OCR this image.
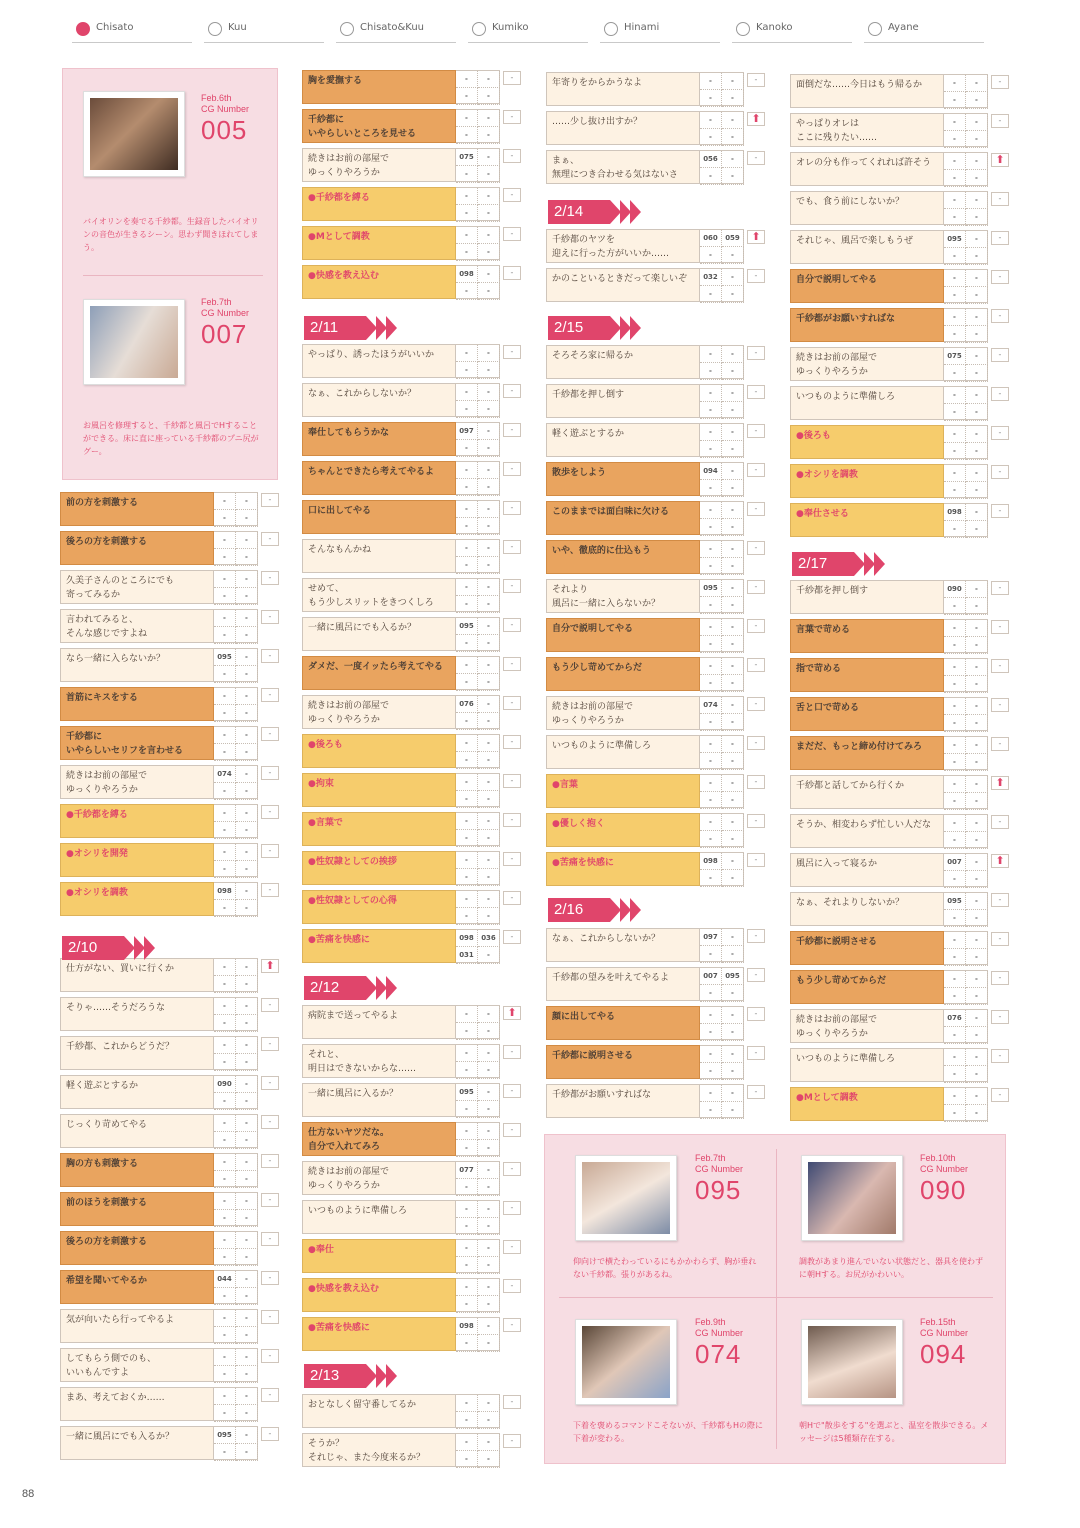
Chisato	Kuu	Chisato&Kuu	Kumiko	Hinami	Kanoko	Ayane
Feb.6th
CG Number
005
バイオリンを奏でる千紗都。生録音したバイオリンの音色が生きるシーン。思わず聞きほれてしまう。
Feb.7th
CG Number
007
お風呂を修理すると、千紗都と風呂でHすることができる。床に直に座っている千紗都のプニ尻がグー。
Feb.7th
CG Number
095
仰向けで横たわっているにもかかわらず、胸が垂れない千紗都。張りがあるね。
Feb.10th
CG Number
090
調教があまり進んでいない状態だと、器具を使わずに朝Hする。お尻がかわいい。
Feb.9th
CG Number
074
下着を褒めるコマンドこそないが、千紗都もHの際に下着が変わる。
Feb.15th
CG Number
094
朝Hで"散歩をする"を選ぶと、温室を散歩できる。メッセージは5種類存在する。
前の方を刺激する	-	-
-	-
-
後ろの方を刺激する	-	-
-	-
-
久美子さんのところにでも
寄ってみるか
-	-
-	-
-
言われてみると、
そんな感じですよね
-	-
-	-
-
なら一緒に入らないか？	095	-
-	-
-
首筋にキスをする	-	-
-	-
-
千紗都に
いやらしいセリフを言わせる
-	-
-	-
-
続きはお前の部屋で
ゆっくりやろうか
074	-
-	-
-
●千紗都を縛る	-	-
-	-
-
●オシリを開発	-	-
-	-
-
●オシリを調教	098	-
-	-
-
仕方がない、買いに行くか	-	-
-	-
⬆
そりゃ……そうだろうな	-	-
-	-
-
千紗都、これからどうだ？	-	-
-	-
-
軽く遊ぶとするか	090	-
-	-
-
じっくり苛めてやる	-	-
-	-
-
胸の方も刺激する	-	-
-	-
-
前のほうを刺激する	-	-
-	-
-
後ろの方を刺激する	-	-
-	-
-
希望を聞いてやるか	044	-
-	-
-
気が向いたら行ってやるよ	-	-
-	-
-
してもらう側でのも、
いいもんですよ
-	-
-	-
-
まあ、考えておくか……	-	-
-	-
-
一緒に風呂にでも入るか？	095	-
-	-
-
2/10
胸を愛撫する	-	-
-	-
-
千紗都に
いやらしいところを見せる
-	-
-	-
-
続きはお前の部屋で
ゆっくりやろうか
075	-
-	-
-
●千紗都を縛る	-	-
-	-
-
●Mとして調教	-	-
-	-
-
●快感を教え込む	098	-
-	-
-
やっぱり、誘ったほうがいいか	-	-
-	-
-
なぁ、これからしないか？	-	-
-	-
-
奉仕してもらうかな	097	-
-	-
-
ちゃんとできたら考えてやるよ	-	-
-	-
-
口に出してやる	-	-
-	-
-
そんなもんかね	-	-
-	-
-
せめて、
もう少しスリットをきつくしろ
-	-
-	-
-
一緒に風呂にでも入るか？	095	-
-	-
-
ダメだ、一度イッたら考えてやる	-	-
-	-
-
続きはお前の部屋で
ゆっくりやろうか
076	-
-	-
-
●後ろも	-	-
-	-
-
●拘束	-	-
-	-
-
●言葉で	-	-
-	-
-
●性奴隷としての挨拶	-	-
-	-
-
●性奴隷としての心得	-	-
-	-
-
●苦痛を快感に	098	036
031	-
-
病院まで送ってやるよ	-	-
-	-
⬆
それと、
明日はできないからな……
-	-
-	-
-
一緒に風呂に入るか？	095	-
-	-
-
仕方ないヤツだな。
自分で入れてみろ
-	-
-	-
-
続きはお前の部屋で
ゆっくりやろうか
077	-
-	-
-
いつものように準備しろ	-	-
-	-
-
●奉仕	-	-
-	-
-
●快感を教え込む	-	-
-	-
-
●苦痛を快感に	098	-
-	-
-
おとなしく留守番してるか	-	-
-	-
-
そうか？
それじゃ、また今度来るか？
-	-
-	-
-
2/11
2/12
2/13
年寄りをからかうなよ	-	-
-	-
-
……少し抜け出すか？	-	-
-	-
⬆
まぁ、
無理につき合わせる気はないさ
056	-
-	-
-
千紗都のヤツを
迎えに行った方がいいか……
060	059
-	-
⬆
かのこといるときだって楽しいぞ	032	-
-	-
-
そろそろ家に帰るか	-	-
-	-
-
千紗都を押し倒す	-	-
-	-
-
軽く遊ぶとするか	-	-
-	-
-
散歩をしよう	094	-
-	-
-
このままでは面白味に欠ける	-	-
-	-
-
いや、徹底的に仕込もう	-	-
-	-
-
それより
風呂に一緒に入らないか？
095	-
-	-
-
自分で説明してやる	-	-
-	-
-
もう少し苛めてからだ	-	-
-	-
-
続きはお前の部屋で
ゆっくりやろうか
074	-
-	-
-
いつものように準備しろ	-	-
-	-
-
●言葉	-	-
-	-
-
●優しく抱く	-	-
-	-
-
●苦痛を快感に	098	-
-	-
-
なぁ、これからしないか？	097	-
-	-
-
千紗都の望みを叶えてやるよ	007	095
-	-
-
顔に出してやる	-	-
-	-
-
千紗都に説明させる	-	-
-	-
-
千紗都がお願いすればな	-	-
-	-
-
2/14
2/15
2/16
面倒だな……今日はもう帰るか	-	-
-	-
-
やっぱりオレは
ここに残りたい……
-	-
-	-
-
オレの分も作ってくれれば許そう	-	-
-	-
⬆
でも、食う前にしないか？	-	-
-	-
-
それじゃ、風呂で楽しもうぜ	095	-
-	-
-
自分で説明してやる	-	-
-	-
-
千紗都がお願いすればな	-	-
-	-
-
続きはお前の部屋で
ゆっくりやろうか
075	-
-	-
-
いつものように準備しろ	-	-
-	-
-
●後ろも	-	-
-	-
-
●オシリを調教	-	-
-	-
-
●奉仕させる	098	-
-	-
-
千紗都を押し倒す	090	-
-	-
-
言葉で苛める	-	-
-	-
-
指で苛める	-	-
-	-
-
舌と口で苛める	-	-
-	-
-
まだだ、もっと締め付けてみろ	-	-
-	-
-
千紗都と話してから行くか	-	-
-	-
⬆
そうか、相変わらず忙しい人だな	-	-
-	-
-
風呂に入って寝るか	007	-
-	-
⬆
なぁ、それよりしないか？	095	-
-	-
-
千紗都に説明させる	-	-
-	-
-
もう少し苛めてからだ	-	-
-	-
-
続きはお前の部屋で
ゆっくりやろうか
076	-
-	-
-
いつものように準備しろ	-	-
-	-
-
●Mとして調教	-	-
-	-
-
2/17
88
